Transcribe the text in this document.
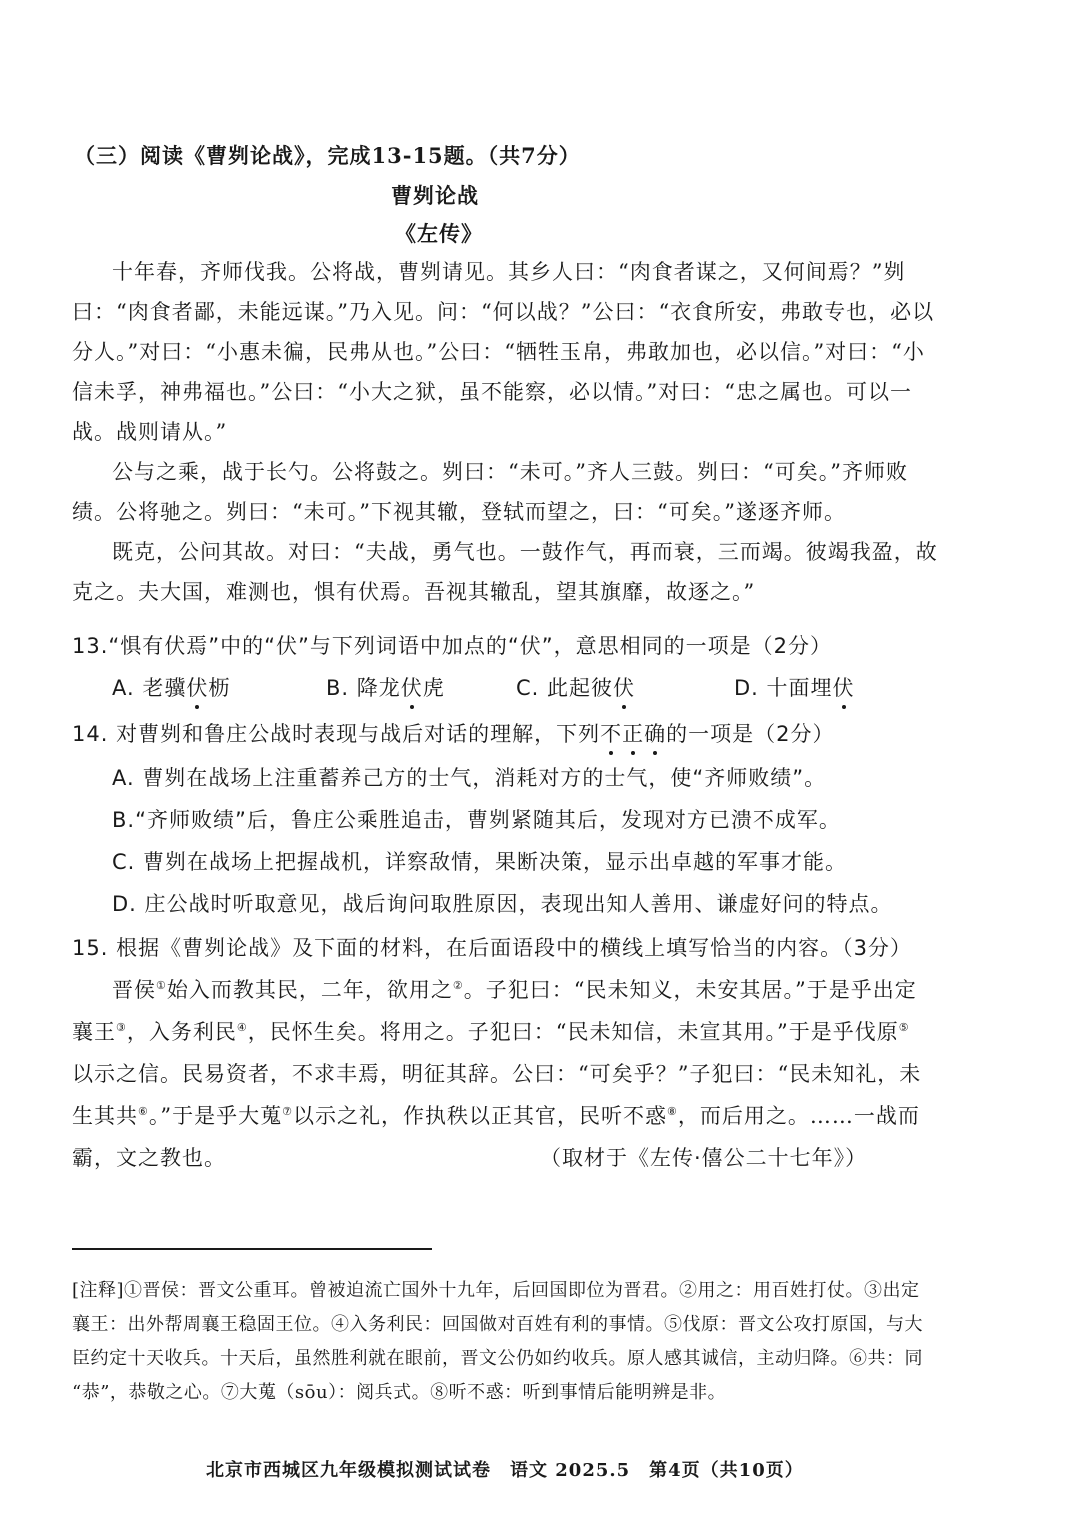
（三）阅读《曹刿论战》，完成13-15题。（共7分）
曹刿论战
《左传》
十年春，齐师伐我。公将战，曹刿请见。其乡人曰：“肉食者谋之，又何间焉？”刿
曰：“肉食者鄙，未能远谋。”乃入见。问：“何以战？”公曰：“衣食所安，弗敢专也，必以
分人。”对曰：“小惠未徧，民弗从也。”公曰：“牺牲玉帛，弗敢加也，必以信。”对曰：“小
信未孚，神弗福也。”公曰：“小大之狱，虽不能察，必以情。”对曰：“忠之属也。可以一
战。战则请从。”
公与之乘，战于长勺。公将鼓之。刿曰：“未可。”齐人三鼓。刿曰：“可矣。”齐师败
绩。公将驰之。刿曰：“未可。”下视其辙，登轼而望之，曰：“可矣。”遂逐齐师。
既克，公问其故。对曰：“夫战，勇气也。一鼓作气，再而衰，三而竭。彼竭我盈，故
克之。夫大国，难测也，惧有伏焉。吾视其辙乱，望其旗靡，故逐之。”
13.“惧有伏焉”中的“伏”与下列词语中加点的“伏”，意思相同的一项是（2分）
A. 老骥伏枥	B. 降龙伏虎	C. 此起彼伏	D. 十面埋伏
14. 对曹刿和鲁庄公战时表现与战后对话的理解，下列不正确的一项是（2分）
A. 曹刿在战场上注重蓄养己方的士气，消耗对方的士气，使“齐师败绩”。
B.“齐师败绩”后，鲁庄公乘胜追击，曹刿紧随其后，发现对方已溃不成军。
C. 曹刿在战场上把握战机，详察敌情，果断决策，显示出卓越的军事才能。
D. 庄公战时听取意见，战后询问取胜原因，表现出知人善用、谦虚好问的特点。
15. 根据《曹刿论战》及下面的材料，在后面语段中的横线上填写恰当的内容。（3分）
晋侯①始入而教其民，二年，欲用之②。子犯曰：“民未知义，未安其居。”于是乎出定
襄王③，入务利民④，民怀生矣。将用之。子犯曰：“民未知信，未宣其用。”于是乎伐原⑤
以示之信。民易资者，不求丰焉，明征其辞。公曰：“可矣乎？”子犯曰：“民未知礼，未
生其共⑥。”于是乎大蒐⑦以示之礼，作执秩以正其官，民听不惑⑧，而后用之。……一战而
霸，文之教也。	（取材于《左传·僖公二十七年》）
[注释]①晋侯：晋文公重耳。曾被迫流亡国外十九年，后回国即位为晋君。②用之：用百姓打仗。③出定
襄王：出外帮周襄王稳固王位。④入务利民：回国做对百姓有利的事情。⑤伐原：晋文公攻打原国，与大
臣约定十天收兵。十天后，虽然胜利就在眼前，晋文公仍如约收兵。原人感其诚信，主动归降。⑥共：同
“恭”，恭敬之心。⑦大蒐（sōu）：阅兵式。⑧听不惑：听到事情后能明辨是非。
北京市西城区九年级模拟测试试卷　语文 2025.5　第4页（共10页）
